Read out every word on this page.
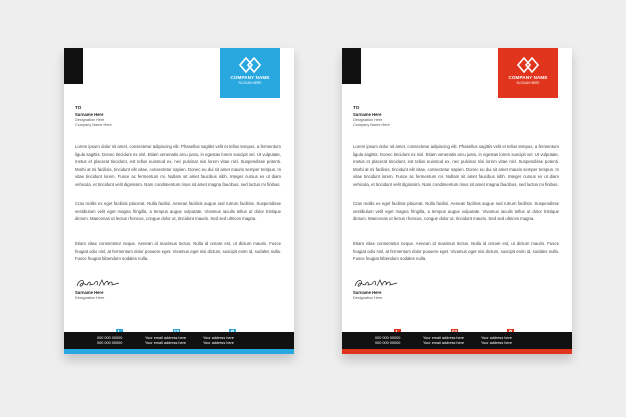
COMPANY NAME
SLOGAN HERE
TO
Surname Here
Designation Here
Company Name Here
Lorem ipsum dolor sit amet, consectetur adipiscing elit. Phasellus sagittis velit et tellus tempus, a fermentum ligula sagittis. Donec tincidunt ex nisl. Etiam venenatis arcu justo, in egestas lorem suscipit vel. Ut vulputate, metus et placerat tincidunt, est tellus euismod ex, nec pulvinar nisi lorem vitae nisl. Suspendisse potenti. Morbi at mi facilisis, tincidunt elit vitae, consectetur sapien. Donec eu dui sit amet mauris semper tempus. In vitae tincidunt lorem. Fusce ac fermentum mi. Nullam sit amet faucibus nibh. Integer cursus ex ut diam vehicula, et tincidunt velit dignissim. Nam condimentum risus sit amet magna faucibus, sed luctus mi finibus.
Cras mollis ex eget facilisis placerat. Nulla facilisi. Aenean facilisis augue sed rutrum facilisis. Suspendisse vestibulum velit eget magna fringilla, a tempus augue vulputate. Vivamus iaculis tellus ut dolor tristique dictum. Maecenas ut lectus rhoncus, congue dolor ut, tincidunt mauris. Sed sed ultrices magna.
Etiam vitae consectetur neque. Aenean id maximus lectus. Nulla id ornare est, ut dictum mauris. Fusce feugiat odio nisl, at fermentum dolor posuere eget. Vivamus eget nisi dictum, suscipit enim id, sodales nulla. Fusce feugiat bibendum sodales nulla.
Surname Here
Designation Here
000 000 00000
000 000 00000
Your email address here
Your email address here
Your address here
Your address here
COMPANY NAME
SLOGAN HERE
TO
Surname Here
Designation Here
Company Name Here
Lorem ipsum dolor sit amet, consectetur adipiscing elit. Phasellus sagittis velit et tellus tempus, a fermentum ligula sagittis. Donec tincidunt ex nisl. Etiam venenatis arcu justo, in egestas lorem suscipit vel. Ut vulputate, metus et placerat tincidunt, est tellus euismod ex, nec pulvinar nisi lorem vitae nisl. Suspendisse potenti. Morbi at mi facilisis, tincidunt elit vitae, consectetur sapien. Donec eu dui sit amet mauris semper tempus. In vitae tincidunt lorem. Fusce ac fermentum mi. Nullam sit amet faucibus nibh. Integer cursus ex ut diam vehicula, et tincidunt velit dignissim. Nam condimentum risus sit amet magna faucibus, sed luctus mi finibus.
Cras mollis ex eget facilisis placerat. Nulla facilisi. Aenean facilisis augue sed rutrum facilisis. Suspendisse vestibulum velit eget magna fringilla, a tempus augue vulputate. Vivamus iaculis tellus ut dolor tristique dictum. Maecenas ut lectus rhoncus, congue dolor ut, tincidunt mauris. Sed sed ultrices magna.
Etiam vitae consectetur neque. Aenean id maximus lectus. Nulla id ornare est, ut dictum mauris. Fusce feugiat odio nisl, at fermentum dolor posuere eget. Vivamus eget nisi dictum, suscipit enim id, sodales nulla. Fusce feugiat bibendum sodales nulla.
Surname Here
Designation Here
000 000 00000
000 000 00000
Your email address here
Your email address here
Your address here
Your address here
